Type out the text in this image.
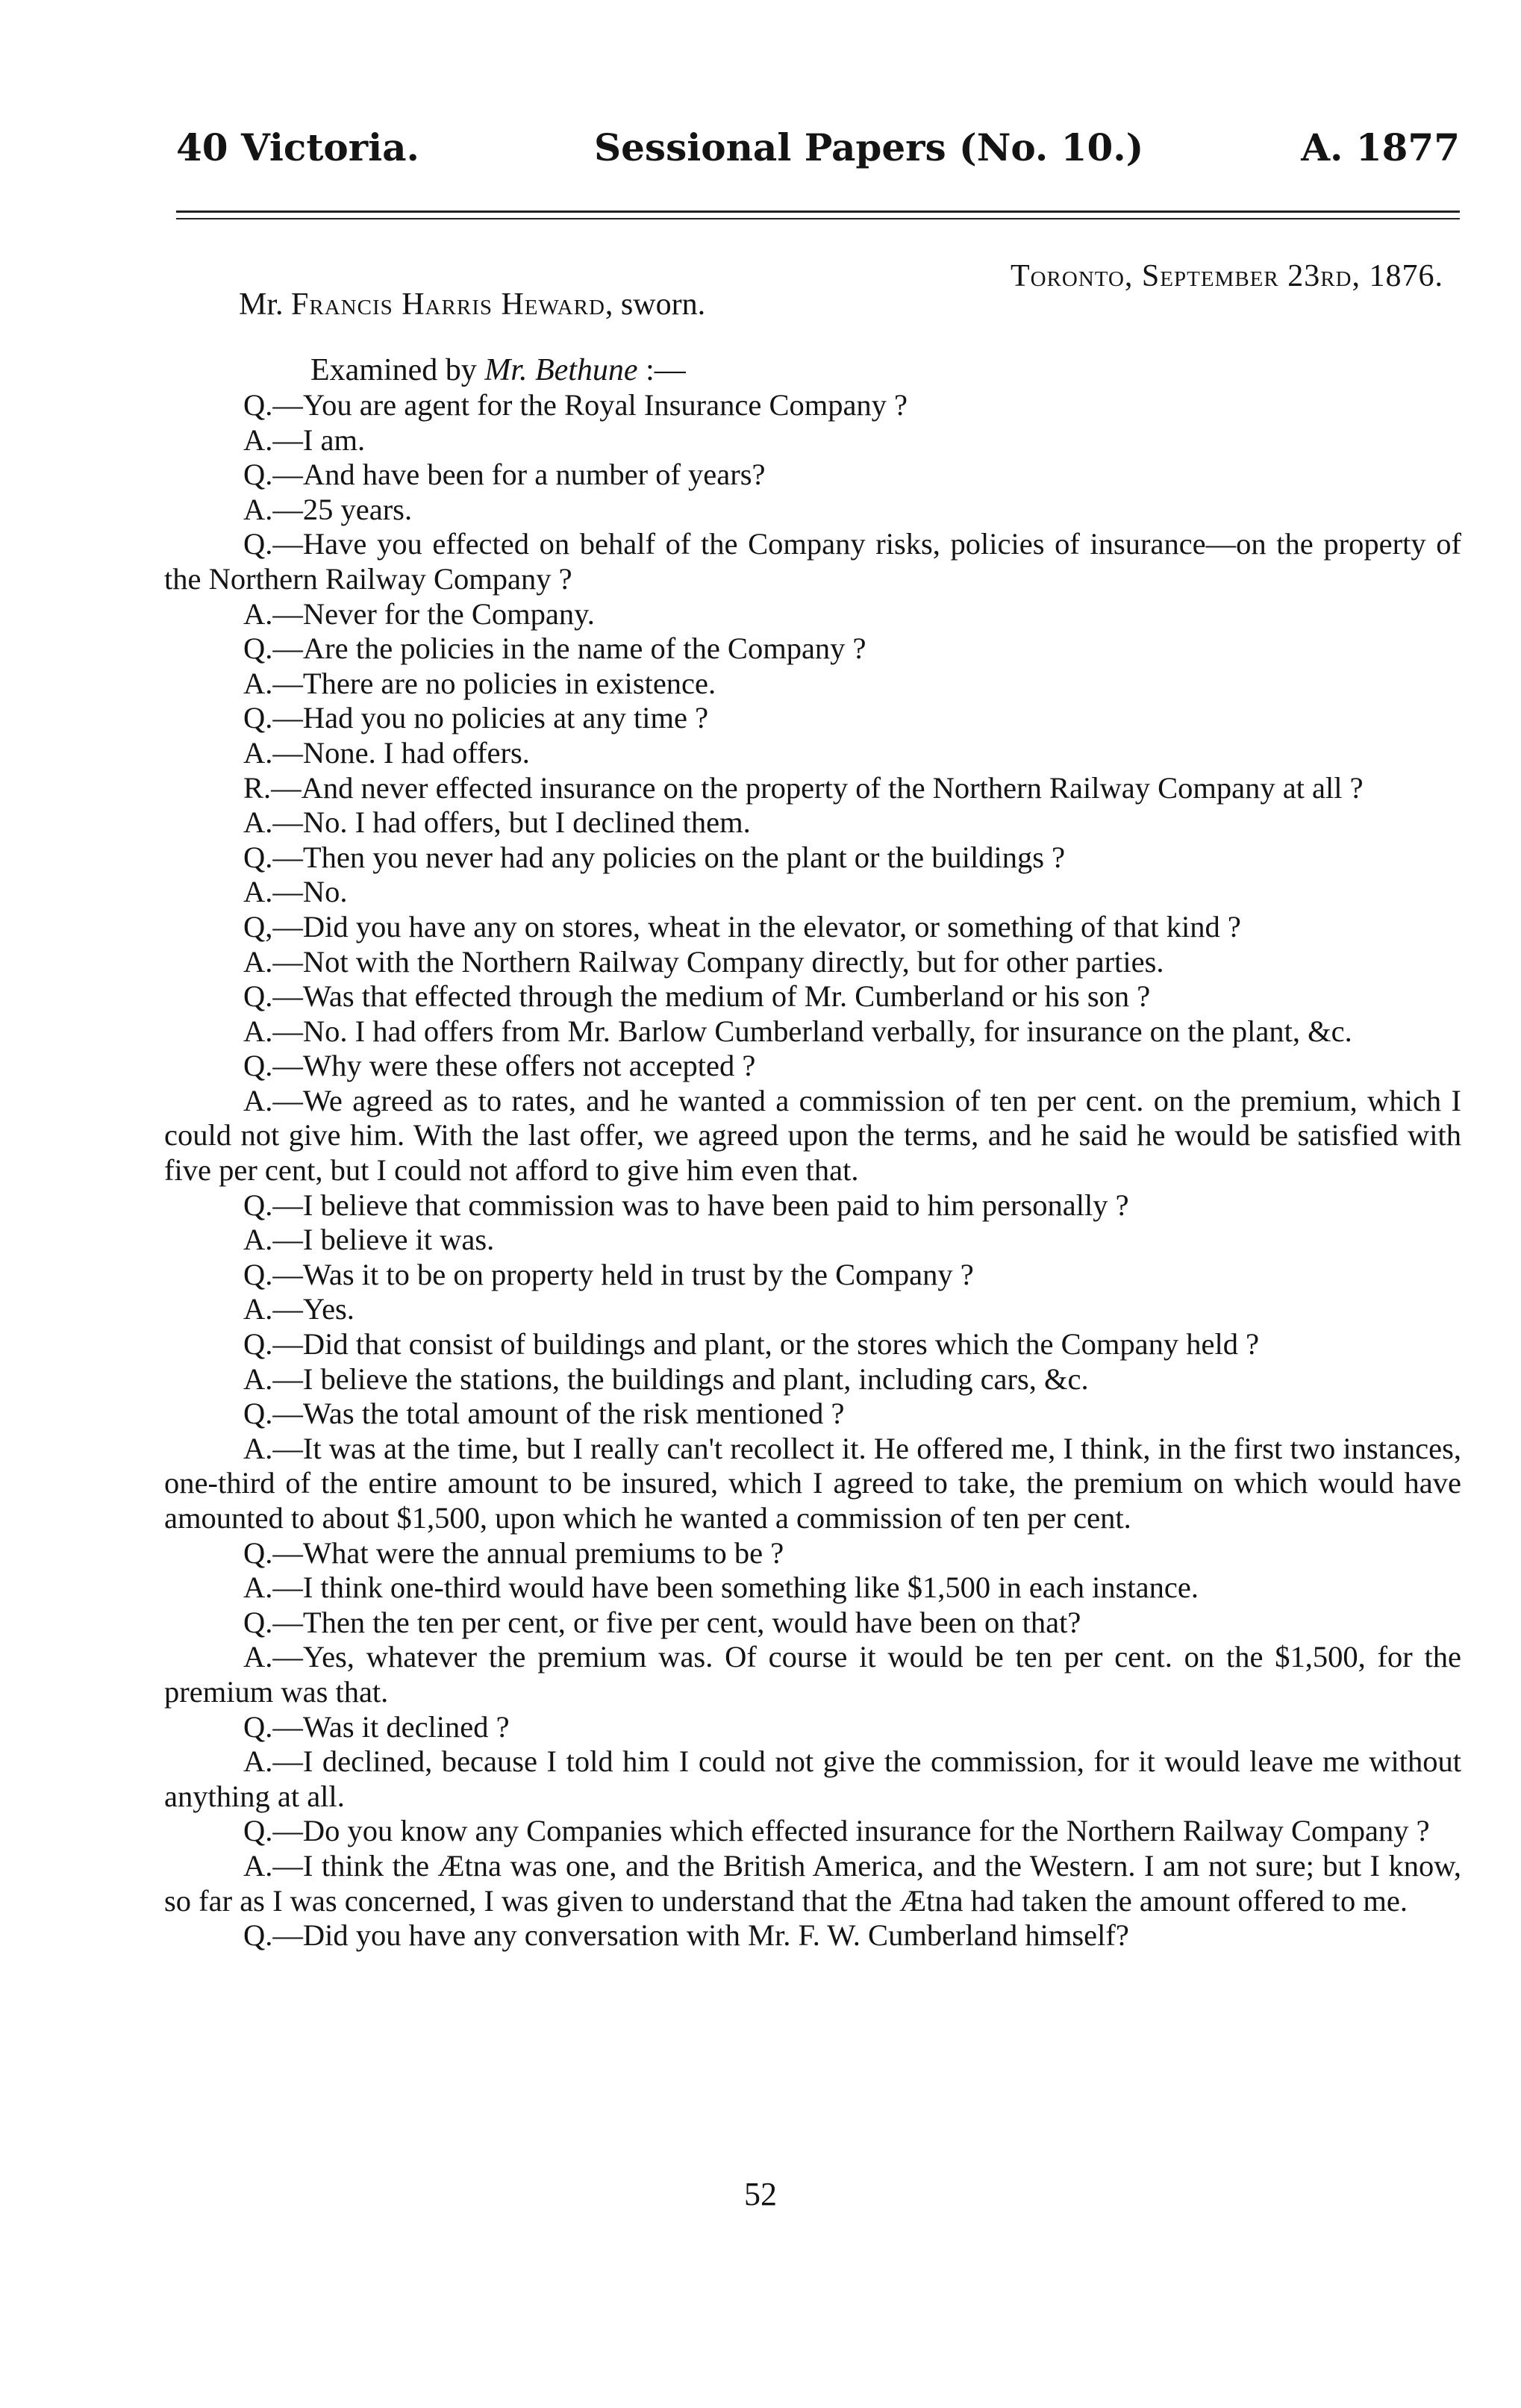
40 Victoria.	Sessional Papers (No. 10.)	A. 1877
Toronto, September 23rd, 1876.
Mr. Francis Harris Heward, sworn.
Examined by Mr. Bethune :—

Q.—You are agent for the Royal Insurance Company ?

A.—I am.

Q.—And have been for a number of years?

A.—25 years.

Q.—Have you effected on behalf of the Company risks, policies of insurance—on the property of the Northern Railway Company ?

A.—Never for the Company.

Q.—Are the policies in the name of the Company ?

A.—There are no policies in existence.

Q.—Had you no policies at any time ?

A.—None. I had offers.

R.—And never effected insurance on the property of the Northern Railway Company at all ?

A.—No. I had offers, but I declined them.

Q.—Then you never had any policies on the plant or the buildings ?

A.—No.

Q,—Did you have any on stores, wheat in the elevator, or something of that kind ?

A.—Not with the Northern Railway Company directly, but for other parties.

Q.—Was that effected through the medium of Mr. Cumberland or his son ?

A.—No. I had offers from Mr. Barlow Cumberland verbally, for insurance on the plant, &c.

Q.—Why were these offers not accepted ?

A.—We agreed as to rates, and he wanted a commission of ten per cent. on the premium, which I could not give him. With the last offer, we agreed upon the terms, and he said he would be satisfied with five per cent, but I could not afford to give him even that.

Q.—I believe that commission was to have been paid to him personally ?

A.—I believe it was.

Q.—Was it to be on property held in trust by the Company ?

A.—Yes.

Q.—Did that consist of buildings and plant, or the stores which the Company held ?

A.—I believe the stations, the buildings and plant, including cars, &c.

Q.—Was the total amount of the risk mentioned ?

A.—It was at the time, but I really can't recollect it. He offered me, I think, in the first two instances, one-third of the entire amount to be insured, which I agreed to take, the premium on which would have amounted to about $1,500, upon which he wanted a commission of ten per cent.

Q.—What were the annual premiums to be ?

A.—I think one-third would have been something like $1,500 in each instance.

Q.—Then the ten per cent, or five per cent, would have been on that?

A.—Yes, whatever the premium was. Of course it would be ten per cent. on the $1,500, for the premium was that.

Q.—Was it declined ?

A.—I declined, because I told him I could not give the commission, for it would leave me without anything at all.

Q.—Do you know any Companies which effected insurance for the Northern Railway Company ?

A.—I think the Ætna was one, and the British America, and the Western. I am not sure; but I know, so far as I was concerned, I was given to understand that the Ætna had taken the amount offered to me.

Q.—Did you have any conversation with Mr. F. W. Cumberland himself?

52
